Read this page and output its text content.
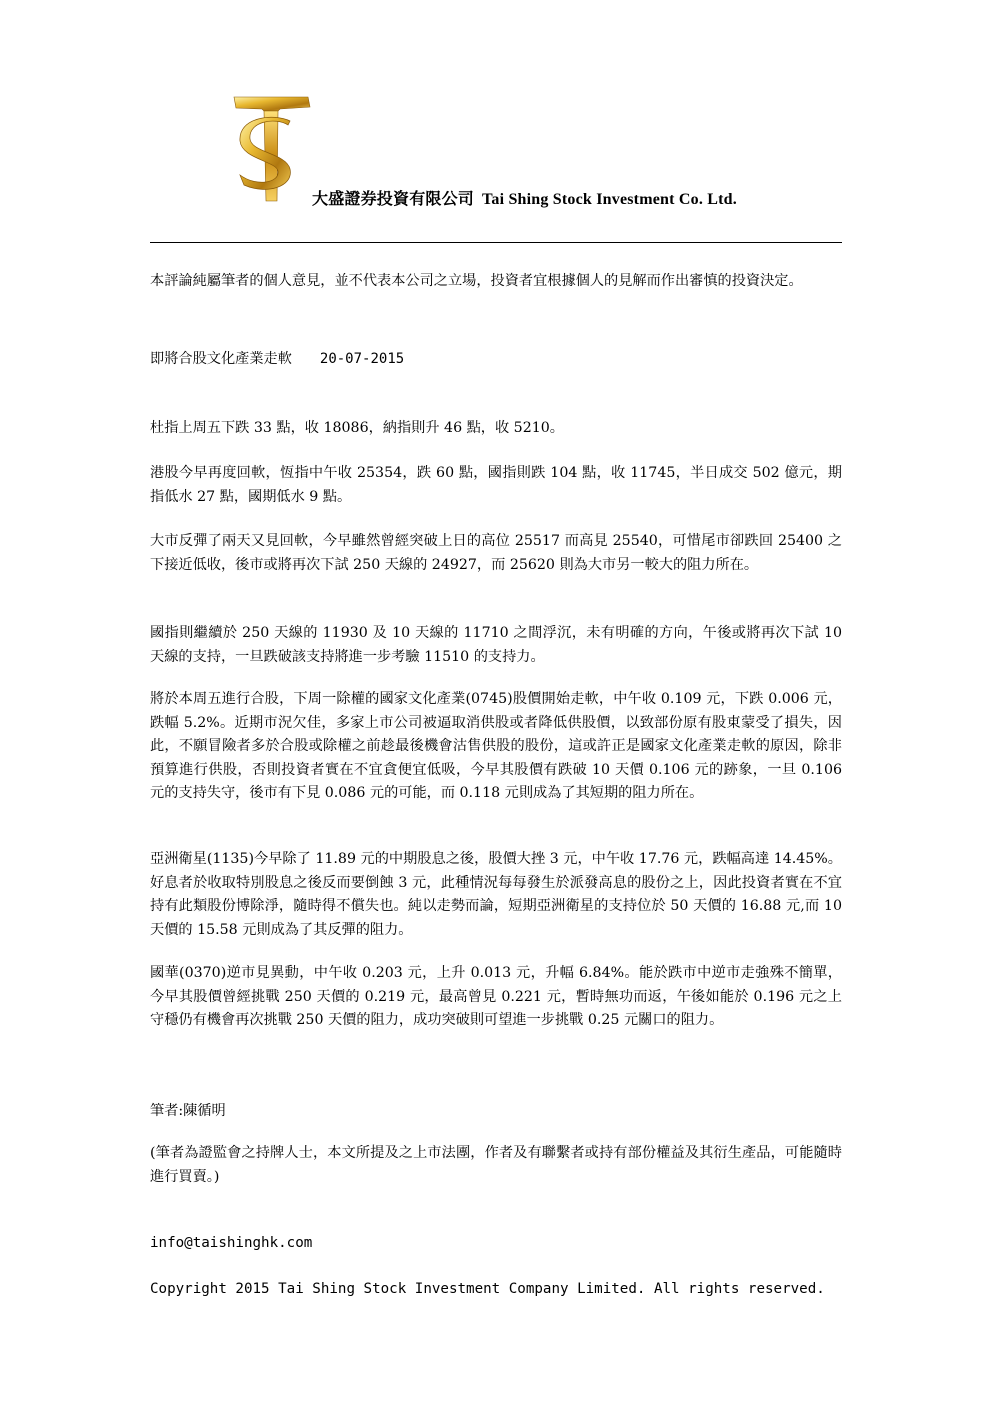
大盛證券投資有限公司 Tai Shing Stock Investment Co. Ltd.

本評論純屬筆者的個人意見，並不代表本公司之立場，投資者宜根據個人的見解而作出審慎的投資決定。

即將合股文化產業走軟 20-07-2015

杜指上周五下跌 33 點，收 18086，納指則升 46 點，收 5210。

港股今早再度回軟，恆指中午收 25354，跌 60 點，國指則跌 104 點，收 11745，半日成交 502 億元，期指低水 27 點，國期低水 9 點。

大市反彈了兩天又見回軟，今早雖然曾經突破上日的高位 25517 而高見 25540，可惜尾市卻跌回 25400 之下接近低收，後市或將再次下試 250 天線的 24927，而 25620 則為大市另一較大的阻力所在。

國指則繼續於 250 天線的 11930 及 10 天線的 11710 之間浮沉，未有明確的方向，午後或將再次下試 10 天線的支持，一旦跌破該支持將進一步考驗 11510 的支持力。

將於本周五進行合股，下周一除權的國家文化產業(0745)股價開始走軟，中午收 0.109 元，下跌 0.006 元，跌幅 5.2%。近期市況欠佳，多家上市公司被逼取消供股或者降低供股價，以致部份原有股東蒙受了損失，因此，不願冒險者多於合股或除權之前趁最後機會沽售供股的股份，這或許正是國家文化產業走軟的原因，除非預算進行供股，否則投資者實在不宜貪便宜低吸，今早其股價有跌破 10 天價 0.106 元的跡象，一旦 0.106 元的支持失守，後市有下見 0.086 元的可能，而 0.118 元則成為了其短期的阻力所在。

亞洲衛星(1135)今早除了 11.89 元的中期股息之後，股價大挫 3 元，中午收 17.76 元，跌幅高達 14.45%。好息者於收取特別股息之後反而要倒蝕 3 元，此種情況每每發生於派發高息的股份之上，因此投資者實在不宜持有此類股份博除淨，隨時得不償失也。純以走勢而論，短期亞洲衛星的支持位於 50 天價的 16.88 元,而 10 天價的 15.58 元則成為了其反彈的阻力。

國華(0370)逆市見異動，中午收 0.203 元，上升 0.013 元，升幅 6.84%。能於跌市中逆市走強殊不簡單，今早其股價曾經挑戰 250 天價的 0.219 元，最高曾見 0.221 元，暫時無功而返，午後如能於 0.196 元之上守穩仍有機會再次挑戰 250 天價的阻力，成功突破則可望進一步挑戰 0.25 元關口的阻力。

筆者:陳循明

(筆者為證監會之持牌人士，本文所提及之上市法團，作者及有聯繫者或持有部份權益及其衍生產品，可能隨時進行買賣。)

info@taishinghk.com
Copyright 2015 Tai Shing Stock Investment Company Limited. All rights reserved.
